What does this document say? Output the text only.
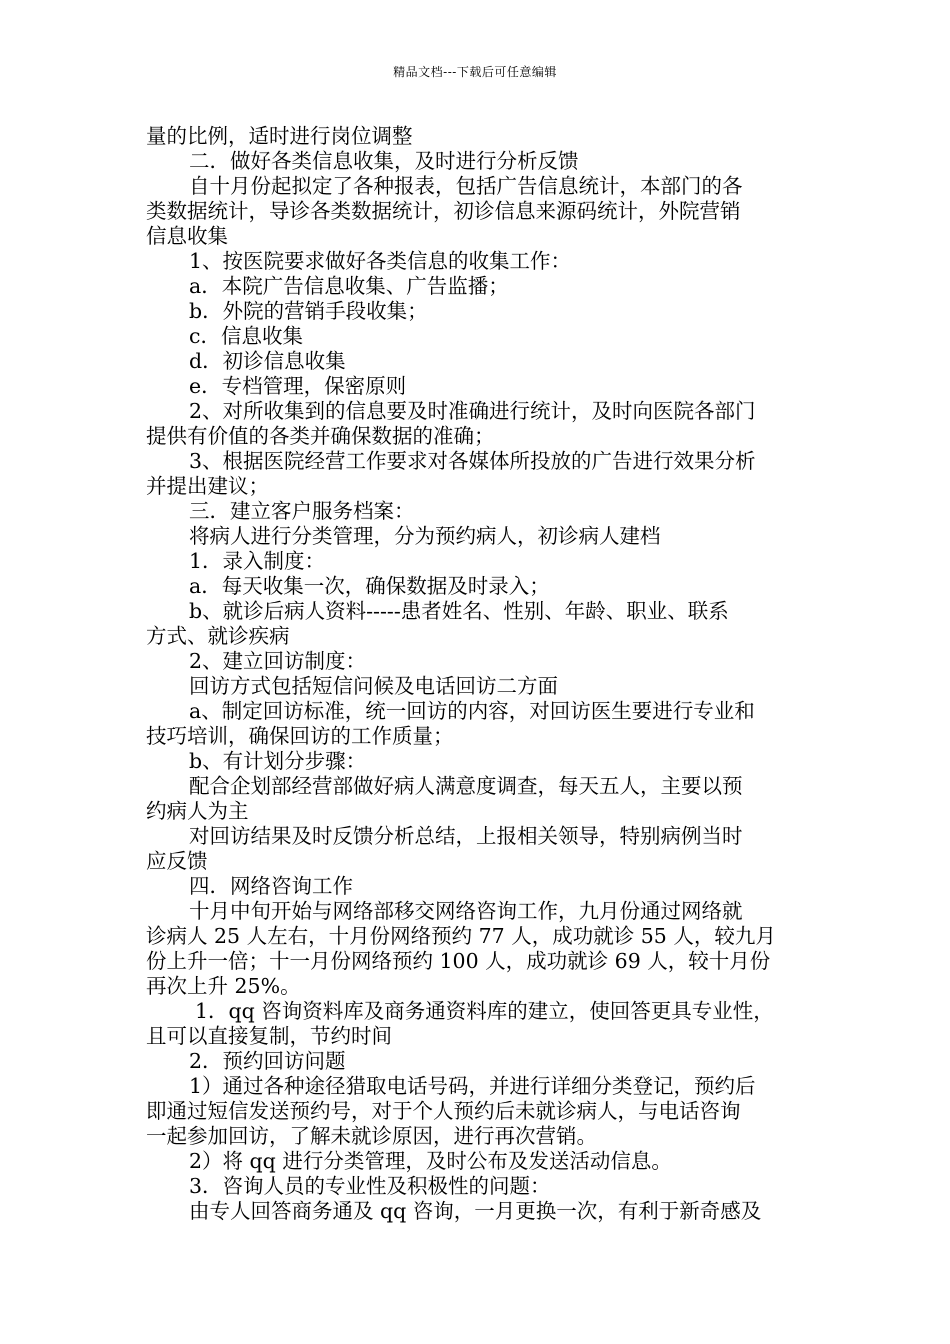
精品文档---下载后可任意编辑
量的比例，适时进行岗位调整
二．做好各类信息收集，及时进行分析反馈
自十月份起拟定了各种报表，包括广告信息统计，本部门的各
类数据统计，导诊各类数据统计，初诊信息来源码统计，外院营销
信息收集
1、按医院要求做好各类信息的收集工作：
a．本院广告信息收集、广告监播；
b．外院的营销手段收集；
c．信息收集
d．初诊信息收集
e．专档管理，保密原则
2、对所收集到的信息要及时准确进行统计，及时向医院各部门
提供有价值的各类并确保数据的准确；
3、根据医院经营工作要求对各媒体所投放的广告进行效果分析
并提出建议；
三．建立客户服务档案：
将病人进行分类管理，分为预约病人，初诊病人建档
1．录入制度：
a．每天收集一次，确保数据及时录入；
b、就诊后病人资料-----患者姓名、性别、年龄、职业、联系
方式、就诊疾病
2、建立回访制度：
回访方式包括短信问候及电话回访二方面
a、制定回访标准，统一回访的内容，对回访医生要进行专业和
技巧培训，确保回访的工作质量；
b、有计划分步骤：
配合企划部经营部做好病人满意度调查，每天五人，主要以预
约病人为主
对回访结果及时反馈分析总结，上报相关领导，特别病例当时
应反馈
四．网络咨询工作
十月中旬开始与网络部移交网络咨询工作，九月份通过网络就
诊病人 25 人左右，十月份网络预约 77 人，成功就诊 55 人，较九月
份上升一倍；十一月份网络预约 100 人，成功就诊 69 人，较十月份
再次上升 25%。
1．qq 咨询资料库及商务通资料库的建立，使回答更具专业性，
且可以直接复制，节约时间
2．预约回访问题
1）通过各种途径猎取电话号码，并进行详细分类登记，预约后
即通过短信发送预约号，对于个人预约后未就诊病人，与电话咨询
一起参加回访，了解未就诊原因，进行再次营销。
2）将 qq 进行分类管理，及时公布及发送活动信息。
3．咨询人员的专业性及积极性的问题：
由专人回答商务通及 qq 咨询，一月更换一次，有利于新奇感及
